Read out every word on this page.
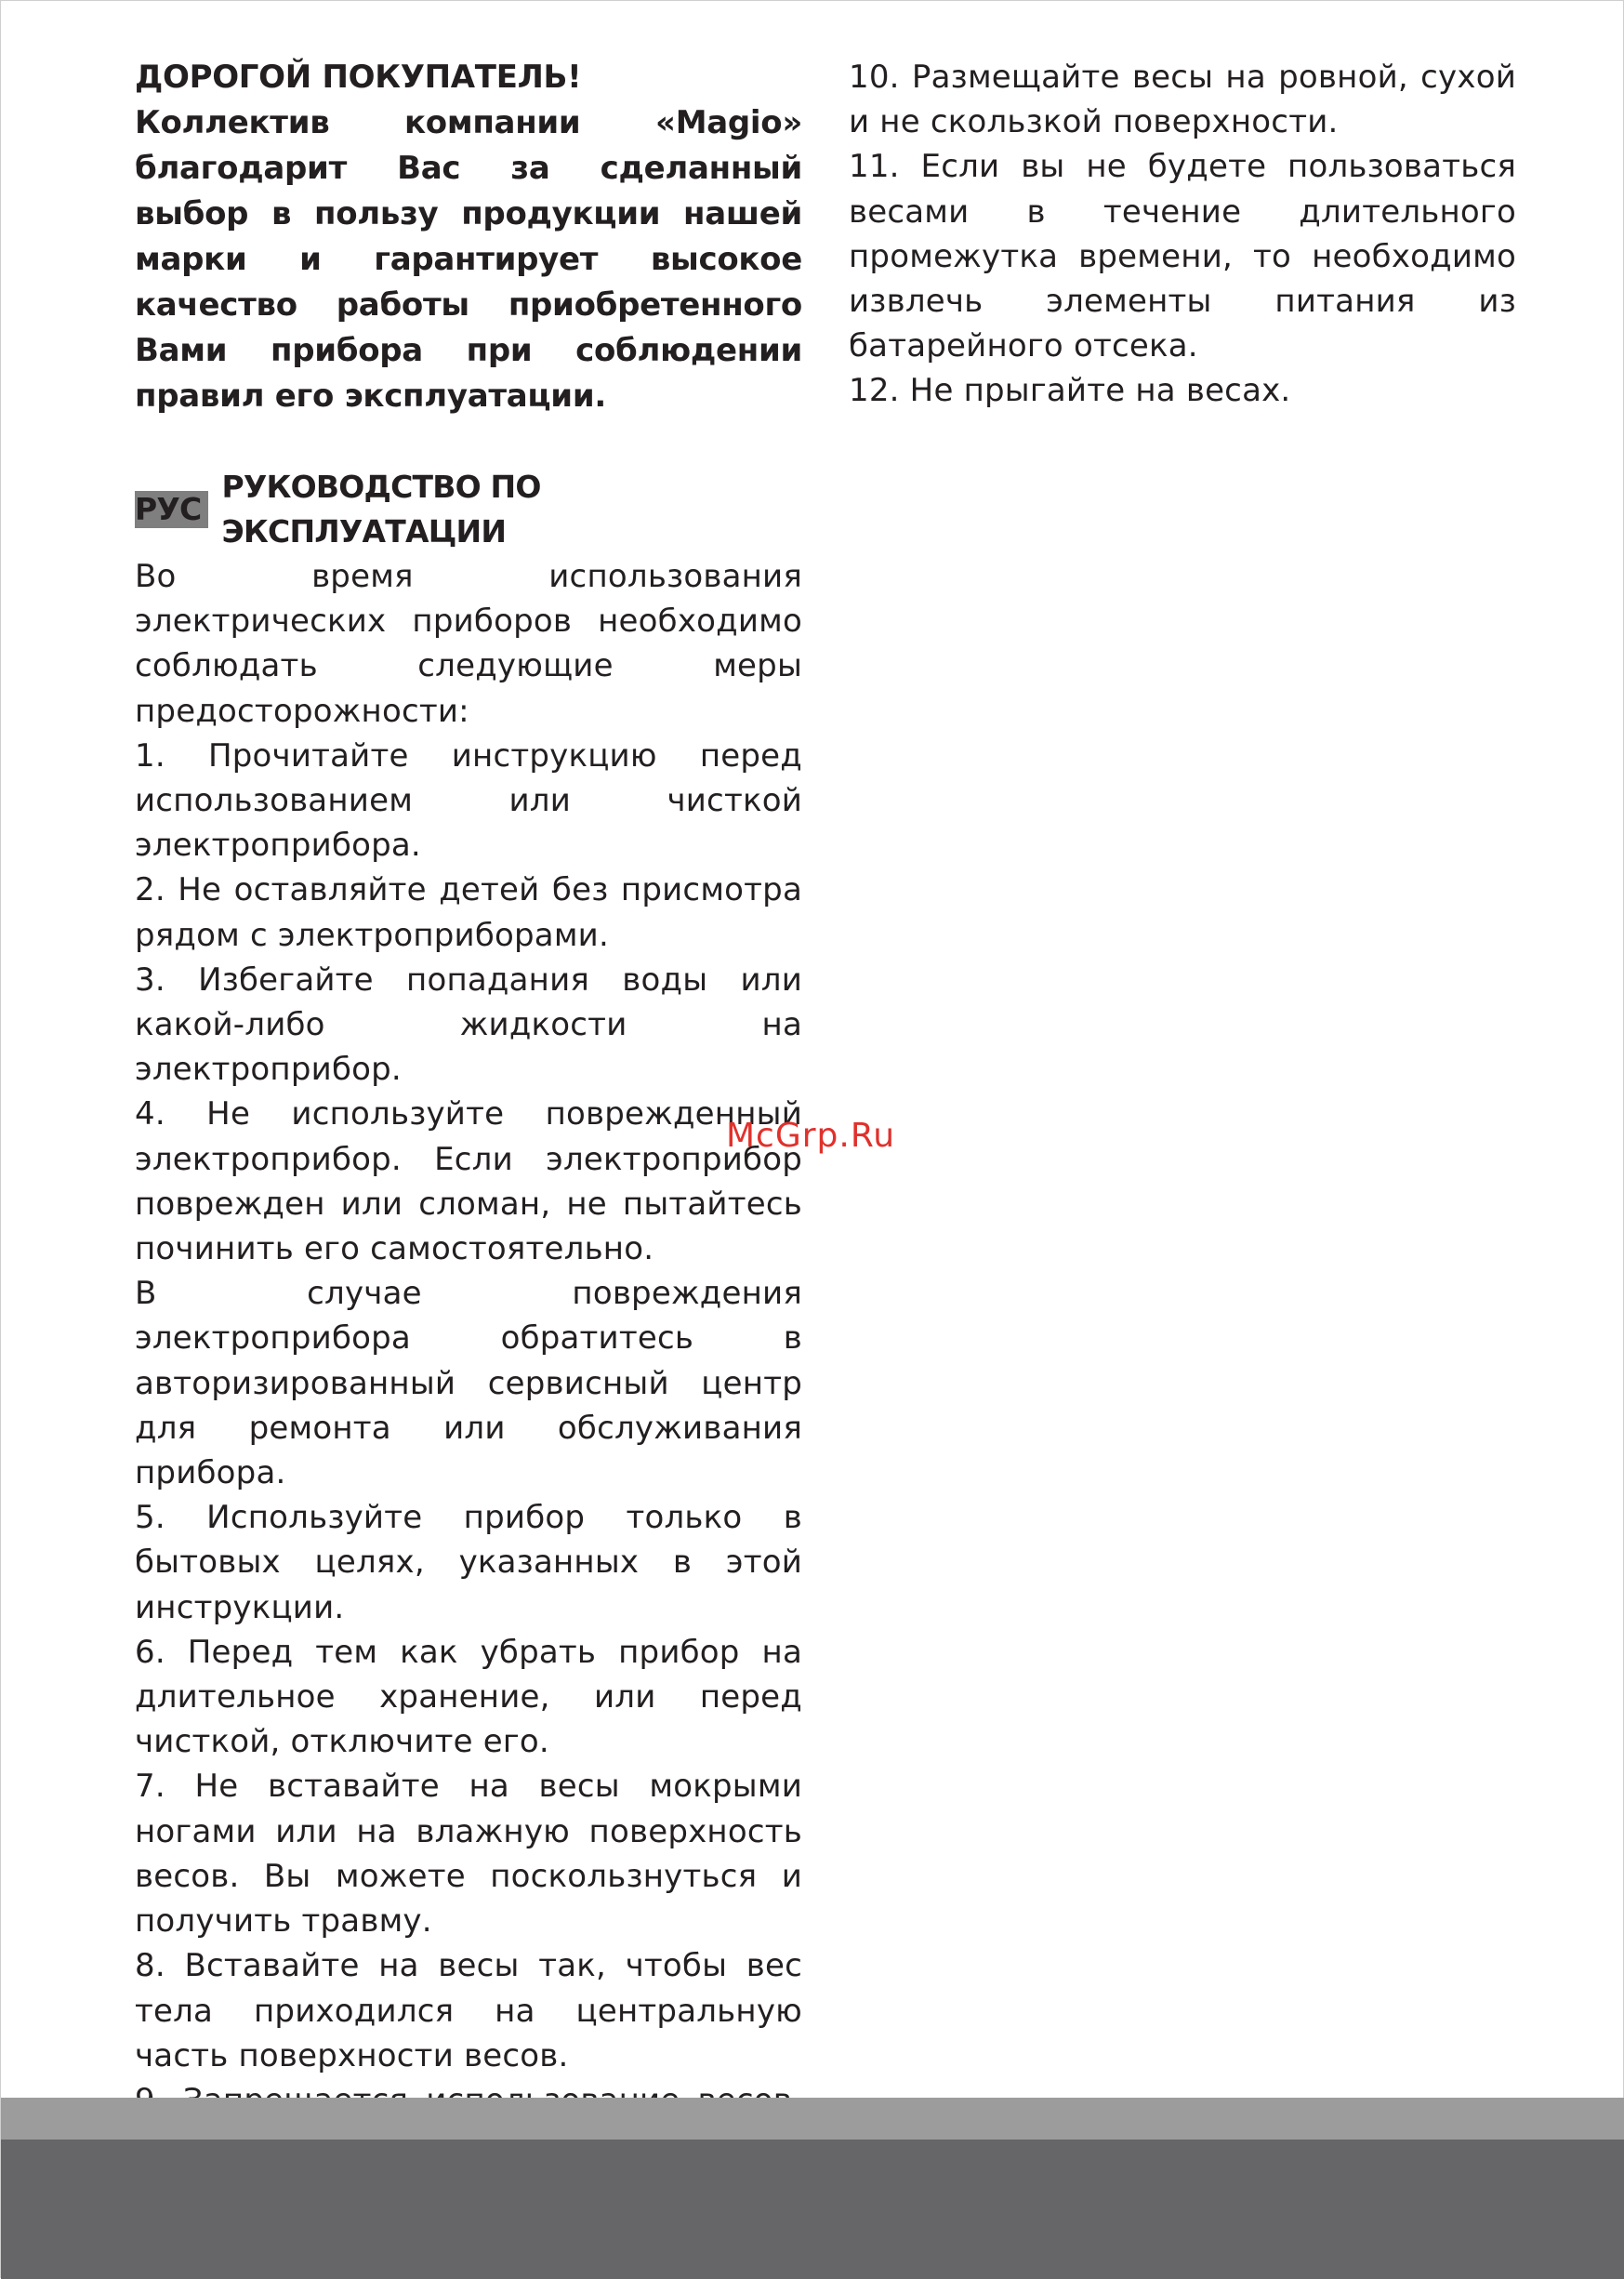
ДОРОГОЙ ПОКУПАТЕЛЬ!
Коллектив компании «Magio» благодарит Вас за сделанный выбор в пользу продукции нашей марки и гарантирует высокое качество работы приобретенного Вами прибора при соблюдении правил его эксплуатации.
РУС
РУКОВОДСТВО ПО ЭКСПЛУАТАЦИИ

Во время использования электрических приборов необходимо соблюдать следующие меры предосторожности:

1. Прочитайте инструкцию перед использованием или чисткой электроприбора.

2. Не оставляйте детей без присмотра рядом с электроприборами.

3. Избегайте попадания воды или какой-либо жидкости на электроприбор.

4. Не используйте поврежденный электроприбор. Если электроприбор поврежден или сломан, не пытайтесь починить его самостоятельно.

В случае повреждения электроприбора обратитесь в авторизированный сервисный центр для ремонта или обслуживания прибора.

5. Используйте прибор только в бытовых целях, указанных в этой инструкции.

6. Перед тем как убрать прибор на длительное хранение, или перед чисткой, отключите его.

7. Не вставайте на весы мокрыми ногами или на влажную поверхность весов. Вы можете поскользнуться и получить травму.

8. Вставайте на весы так, чтобы вес тела приходился на центральную часть поверхности весов.

10. Размещайте весы на ровной, сухой и не скользкой поверхности.

11. Если вы не будете пользоваться весами в течение длительного промежутка времени, то необходимо извлечь элементы питания из батарейного отсека.

12. Не прыгайте на весах.

McGrp.Ru
